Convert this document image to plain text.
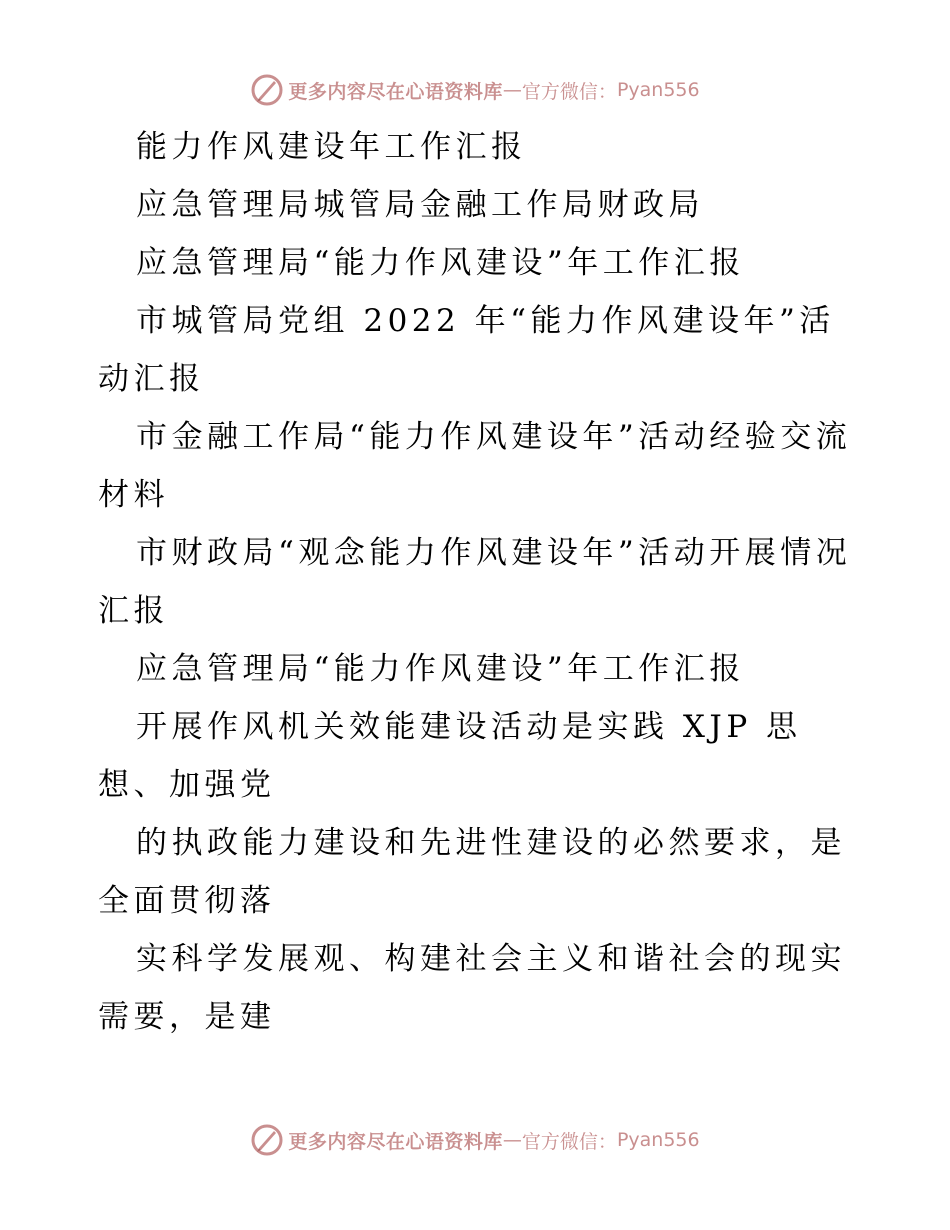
更多内容尽在心语资料库 — 官方微信： Pyan556

能力作风建设年工作汇报

应急管理局城管局金融工作局财政局

应急管理局“能力作风建设”年工作汇报

市城管局党组 2022 年“能力作风建设年”活动汇报

市金融工作局“能力作风建设年”活动经验交流材料

市财政局“观念能力作风建设年”活动开展情况汇报

应急管理局“能力作风建设”年工作汇报

开展作风机关效能建设活动是实践 XJP 思想、加强党

的执政能力建设和先进性建设的必然要求，是全面贯彻落

实科学发展观、构建社会主义和谐社会的现实需要，是建

更多内容尽在心语资料库 — 官方微信： Pyan556
